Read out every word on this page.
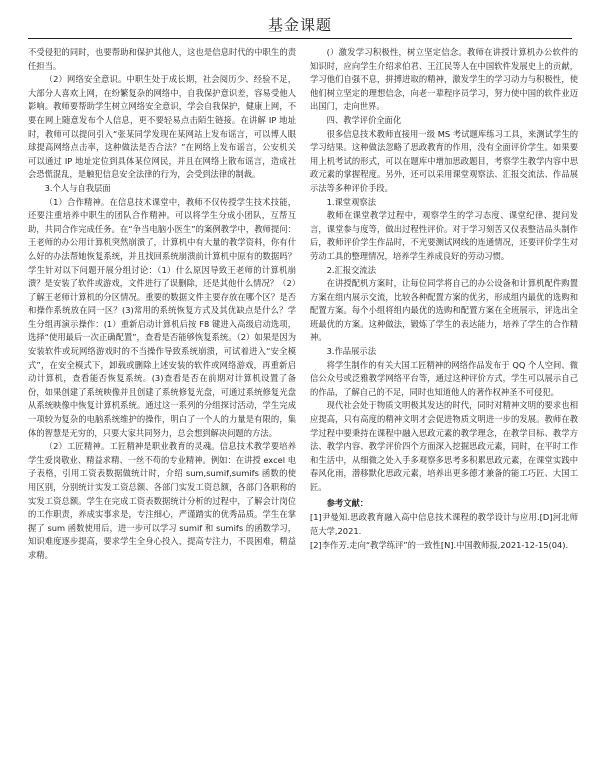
基金课题

不受侵犯的同时，也要帮助和保护其他人，这也是信息时代的中职生的责任担当。

（2）网络安全意识。中职生处于成长期，社会阅历少、经验不足，大部分人喜欢上网，在纷繁复杂的网络中，自我保护意识差，容易受他人影响。教师要帮助学生树立网络安全意识，学会自我保护，健康上网，不要在网上随意发布个人信息，更不要轻易点击陌生链接。在讲解 IP 地址时，教师可以提问引入“张某同学发现在某网站上发布谣言，可以博人眼球提高网络点击率，这种做法是否合法？”在网络上发布谣言，公安机关可以通过 IP 地址定位到具体某位网民，并且在网络上散布谣言，造成社会恐慌混乱，是触犯信息安全法律的行为，会受到法律的制裁。

3.个人与自我层面

（1）合作精神。在信息技术课堂中，教师不仅传授学生技术技能，还要注重培养中职生的团队合作精神。可以将学生分成小团队，互帮互助，共同合作完成任务。在“争当电脑小医生”的案例教学中，教师提问：王老师的办公用计算机突然崩溃了，计算机中有大量的教学资料，你有什么好的办法帮她恢复系统，并且找回系统崩溃前计算机中原有的数据吗？学生针对以下问题开展分组讨论：（1）什么原因导致王老师的计算机崩溃？是安装了软件或游戏，文件进行了误删除，还是其他什么情况？（2）了解王老师计算机的分区情况。重要的数据文件主要存放在哪个区？是否和操作系统放在同一区？(3)常用的系统恢复方式及其优缺点是什么？学生分组再演示操作：(1）重新启动计算机后按 F8 键进入高级启动选项，选择“使用最后一次正确配置”，查看是否能够恢复系统。（2）如果是因为安装软件或玩网络游戏时的不当操作导致系统崩溃，可试着进入“安全模式”，在安全模式下，卸载或删除上述安装的软件或网络游戏，再重新启动计算机，查看能否恢复系统。(3)查看是否在前期对计算机设置了备份，如果创建了系统映像并且创建了系统修复光盘，可通过系统修复光盘从系统映像中恢复计算机系统。通过这一系列的分组探讨活动，学生完成一项较为复杂的电脑系统维护的操作，明白了一个人的力量是有限的，集体的智慧是无穷的，只要大家共同努力，总会想到解决问题的方法。

（2）工匠精神。工匠精神是职业教育的灵魂。信息技术教学要培养学生爱岗敬业、精益求精、一丝不苟的专业精神。例如：在讲授 excel 电子表格，引用工资表数据做统计时，介绍 sum,sumif,sumifs 函数的使用区别，分别统计实发工资总额、各部门实发工资总额，各部门各职称的实发工资总额。学生在完成工资表数据统计分析的过程中，了解会计岗位的工作职责，养成实事求是，专注细心，严谨踏实的优秀品质。学生在掌握了 sum 函数使用后，进一步可以学习 sumif 和 sumifs 的函数学习，知识难度逐步提高，要求学生全身心投入，提高专注力，不畏困难，精益求精。

(）激发学习积极性，树立坚定信念。教师在讲授计算机办公软件的知识时，应向学生介绍求伯君、王江民等人在中国软件发展史上的贡献，学习他们自强不息，拼搏进取的精神，激发学生的学习动力与积极性，使他们树立坚定的理想信念，向老一辈程序员学习，努力使中国的软件业迈出国门，走向世界。

四、教学评价全面化

很多信息技术教师直接用一级 MS 考试题库练习工具，来测试学生的学习结果。这种做法忽略了思政教育的作用，没有全面评价学生。如果要用上机考试的形式，可以在题库中增加思政题目，考察学生教学内容中思政元素的掌握程度。另外，还可以采用课堂观察法、汇报交流法、作品展示法等多种评价手段。

1.课堂观察法

教师在课堂教学过程中，观察学生的学习态度、课堂纪律、提问发言，课堂参与度等，做出过程性评价。对于学习刻苦又仪表整洁品头制作后，教师评价学生作品时，不光要测试网线的连通情况，还要评价学生对劳动工具的整理情况，培养学生养成良好的劳动习惯。

2.汇报交流法

在讲授配机方案时，让每位同学将自己的办公设备和计算机配件购置方案在组内展示交流，比较各种配置方案的优劣，形成组内最优的选购和配置方案。每个小组将组内最优的选购和配置方案在全班展示，评选出全班最优的方案。这种做法，锻炼了学生的表达能力，培养了学生的合作精神。

3.作品展示法

将学生制作的有关大国工匠精神的网络作品发布于 QQ 个人空间、微信公众号或泛雅教学网络平台等，通过这种评价方式，学生可以展示自己的作品，了解自己的不足，同时也知道他人的著作权神圣不可侵犯。

现代社会处于物质文明极其发达的时代，同时对精神文明的要求也相应提高，只有高度的精神文明才会促进物质文明进一步的发展。教师在教学过程中要秉持在课程中融入思政元素的教学理念，在教学目标、教学方法、教学内容、教学评价四个方面深入挖掘思政元素，同时，在平时工作和生活中，从细微之处入手多观察多思考多积累思政元素，在课堂实践中春风化雨，潜移默化思政元素，培养出更多德才兼备的能工巧匠、大国工匠。

参考文献：

[1]尹曼知.思政教育融入高中信息技术课程的教学设计与应用.[D]河北师范大学,2021.

[2]李作芳.走向“教学练评”的一致性[N].中国教师报,2021-12-15(04).
